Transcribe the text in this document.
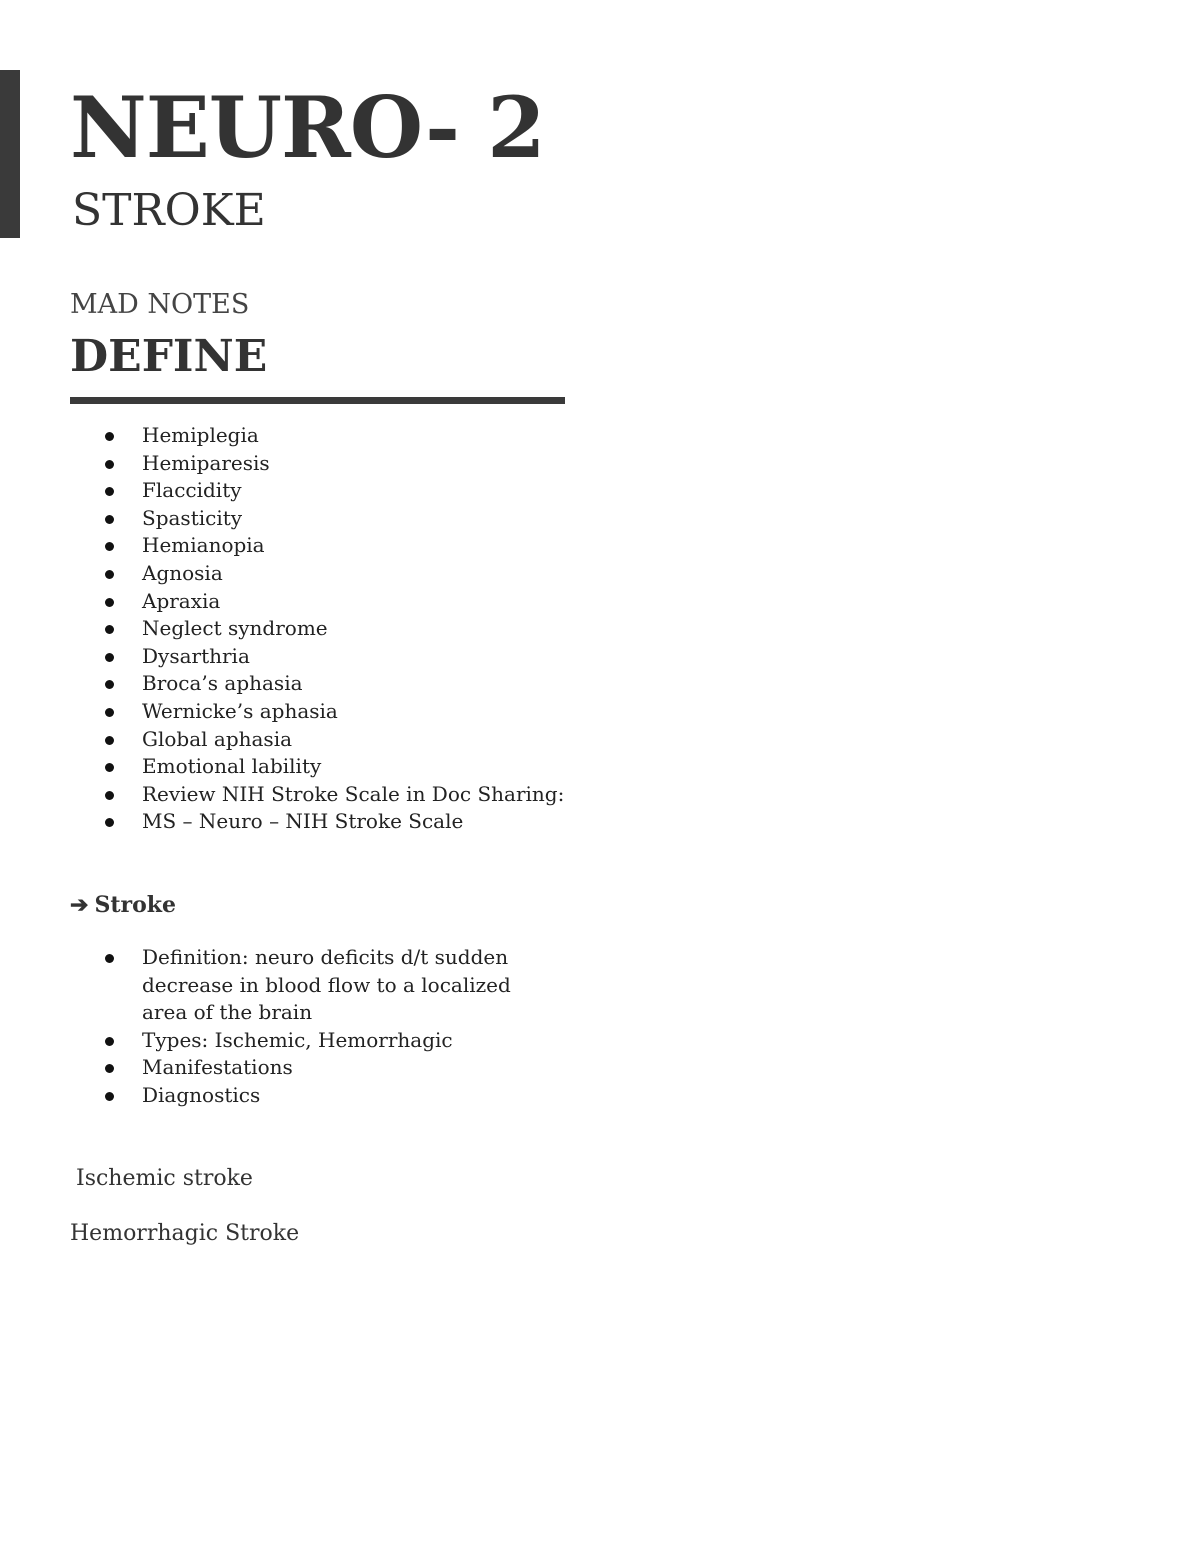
NEURO- 2
STROKE
MAD NOTES
DEFINE
Hemiplegia
Hemiparesis
Flaccidity
Spasticity
Hemianopia
Agnosia
Apraxia
Neglect syndrome
Dysarthria
Broca’s aphasia
Wernicke’s aphasia
Global aphasia
Emotional lability
Review NIH Stroke Scale in Doc Sharing:
MS – Neuro – NIH Stroke Scale
➔ Stroke
Definition: neuro deficits d/t sudden decrease in blood flow to a localized area of the brain
Types: Ischemic, Hemorrhagic
Manifestations
Diagnostics
Ischemic stroke
Hemorrhagic Stroke
